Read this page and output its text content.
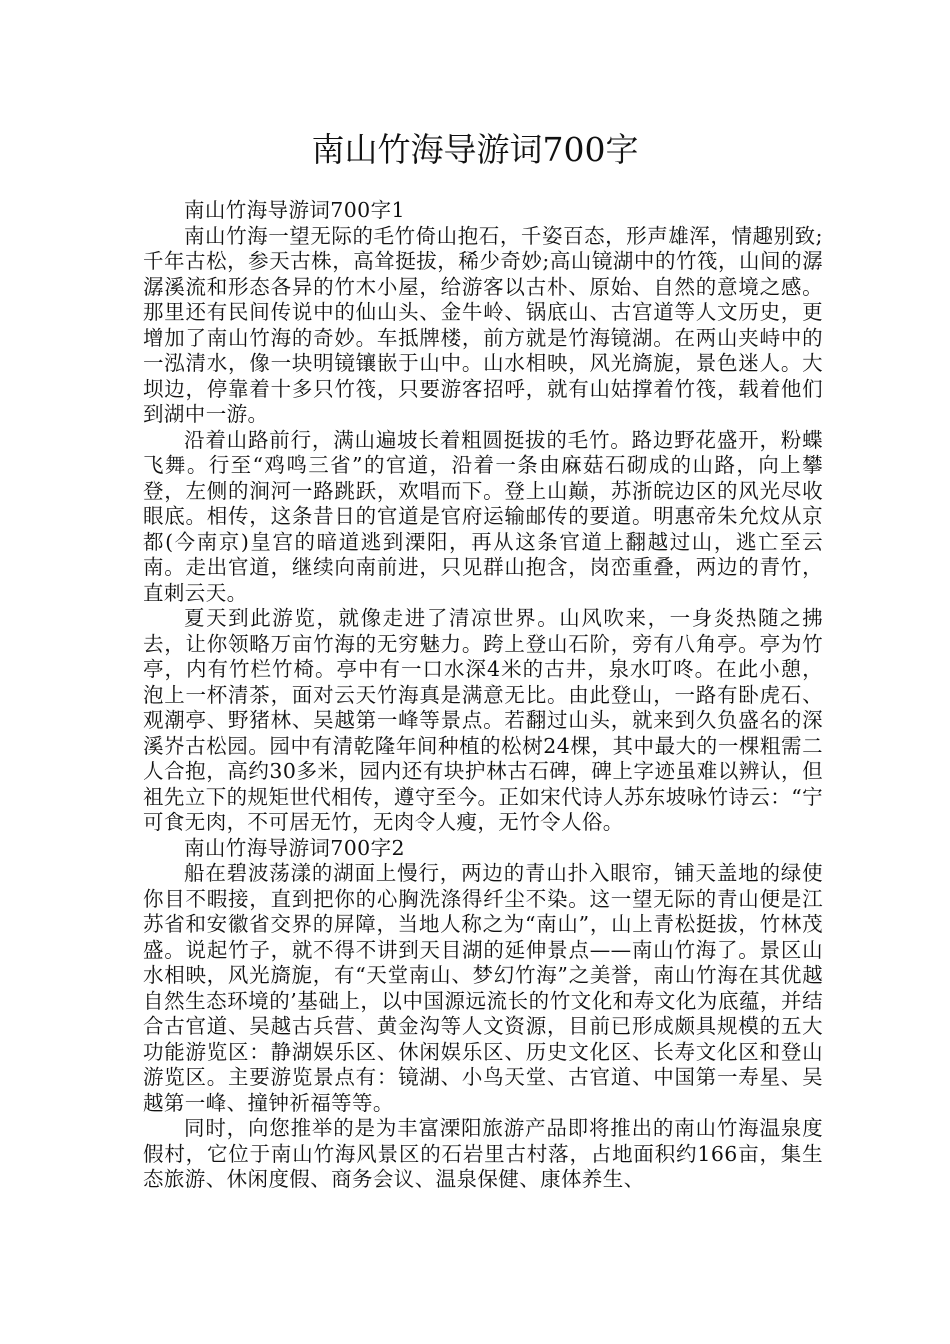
南山竹海导游词700字

南山竹海导游词700字1

南山竹海一望无际的毛竹倚山抱石，千姿百态，形声雄浑，情趣别致;千年古松，参天古株，高耸挺拔，稀少奇妙;高山镜湖中的竹筏，山间的潺潺溪流和形态各异的竹木小屋，给游客以古朴、原始、自然的意境之感。那里还有民间传说中的仙山头、金牛岭、锅底山、古宫道等人文历史，更增加了南山竹海的奇妙。车抵牌楼，前方就是竹海镜湖。在两山夹峙中的一泓清水，像一块明镜镶嵌于山中。山水相映，风光旖旎，景色迷人。大坝边，停靠着十多只竹筏，只要游客招呼，就有山姑撑着竹筏，载着他们到湖中一游。

沿着山路前行，满山遍坡长着粗圆挺拔的毛竹。路边野花盛开，粉蝶飞舞。行至“鸡鸣三省”的官道，沿着一条由麻菇石砌成的山路，向上攀登，左侧的涧河一路跳跃，欢唱而下。登上山巅，苏浙皖边区的风光尽收眼底。相传，这条昔日的官道是官府运输邮传的要道。明惠帝朱允炆从京都(今南京)皇宫的暗道逃到溧阳，再从这条官道上翻越过山，逃亡至云南。走出官道，继续向南前进，只见群山抱含，岗峦重叠，两边的青竹，直刺云天。

夏天到此游览，就像走进了清凉世界。山风吹来，一身炎热随之拂去，让你领略万亩竹海的无穷魅力。跨上登山石阶，旁有八角亭。亭为竹亭，内有竹栏竹椅。亭中有一口水深4米的古井，泉水叮咚。在此小憩，泡上一杯清茶，面对云天竹海真是满意无比。由此登山，一路有卧虎石、观潮亭、野猪林、吴越第一峰等景点。若翻过山头，就来到久负盛名的深溪岕古松园。园中有清乾隆年间种植的松树24棵，其中最大的一棵粗需二人合抱，高约30多米，园内还有块护林古石碑，碑上字迹虽难以辨认，但祖先立下的规矩世代相传，遵守至今。正如宋代诗人苏东坡咏竹诗云：“宁可食无肉，不可居无竹，无肉令人瘦，无竹令人俗。

南山竹海导游词700字2

船在碧波荡漾的湖面上慢行，两边的青山扑入眼帘，铺天盖地的绿使你目不暇接，直到把你的心胸洗涤得纤尘不染。这一望无际的青山便是江苏省和安徽省交界的屏障，当地人称之为“南山”，山上青松挺拔，竹林茂盛。说起竹子，就不得不讲到天目湖的延伸景点——南山竹海了。景区山水相映，风光旖旎，有“天堂南山、梦幻竹海”之美誉，南山竹海在其优越自然生态环境的’基础上，以中国源远流长的竹文化和寿文化为底蕴，并结合古官道、吴越古兵营、黄金沟等人文资源，目前已形成颇具规模的五大功能游览区：静湖娱乐区、休闲娱乐区、历史文化区、长寿文化区和登山游览区。主要游览景点有：镜湖、小鸟天堂、古官道、中国第一寿星、吴越第一峰、撞钟祈福等等。

同时，向您推举的是为丰富溧阳旅游产品即将推出的南山竹海温泉度假村，它位于南山竹海风景区的石岩里古村落，占地面积约166亩，集生态旅游、休闲度假、商务会议、温泉保健、康体养生、
